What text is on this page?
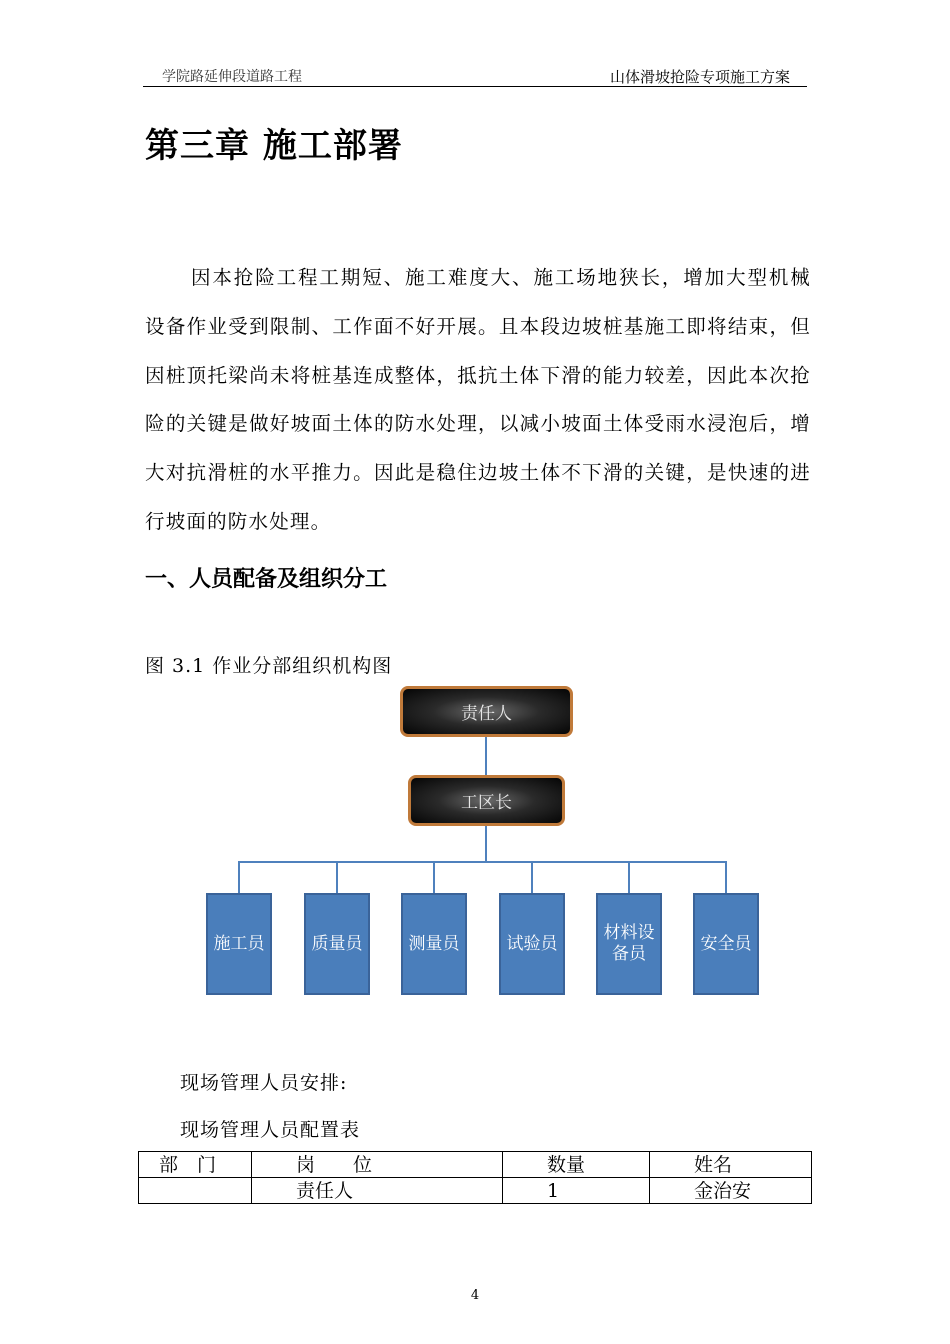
学院路延伸段道路工程	山体滑坡抢险专项施工方案
第三章 施工部署
因本抢险工程工期短、施工难度大、施工场地狭长，增加大型机械设备作业受到限制、工作面不好开展。且本段边坡桩基施工即将结束，但因桩顶托梁尚未将桩基连成整体，抵抗土体下滑的能力较差，因此本次抢险的关键是做好坡面土体的防水处理，以减小坡面土体受雨水浸泡后，增大对抗滑桩的水平推力。因此是稳住边坡土体不下滑的关键，是快速的进行坡面的防水处理。
一、人员配备及组织分工
图 3.1 作业分部组织机构图
责任人
工区长
施工员	质量员	测量员	试验员
材料设备员
安全员
现场管理人员安排:
现场管理人员配置表
部　门	岗　　位	数量	姓名
	责任人	1	金治安
4
